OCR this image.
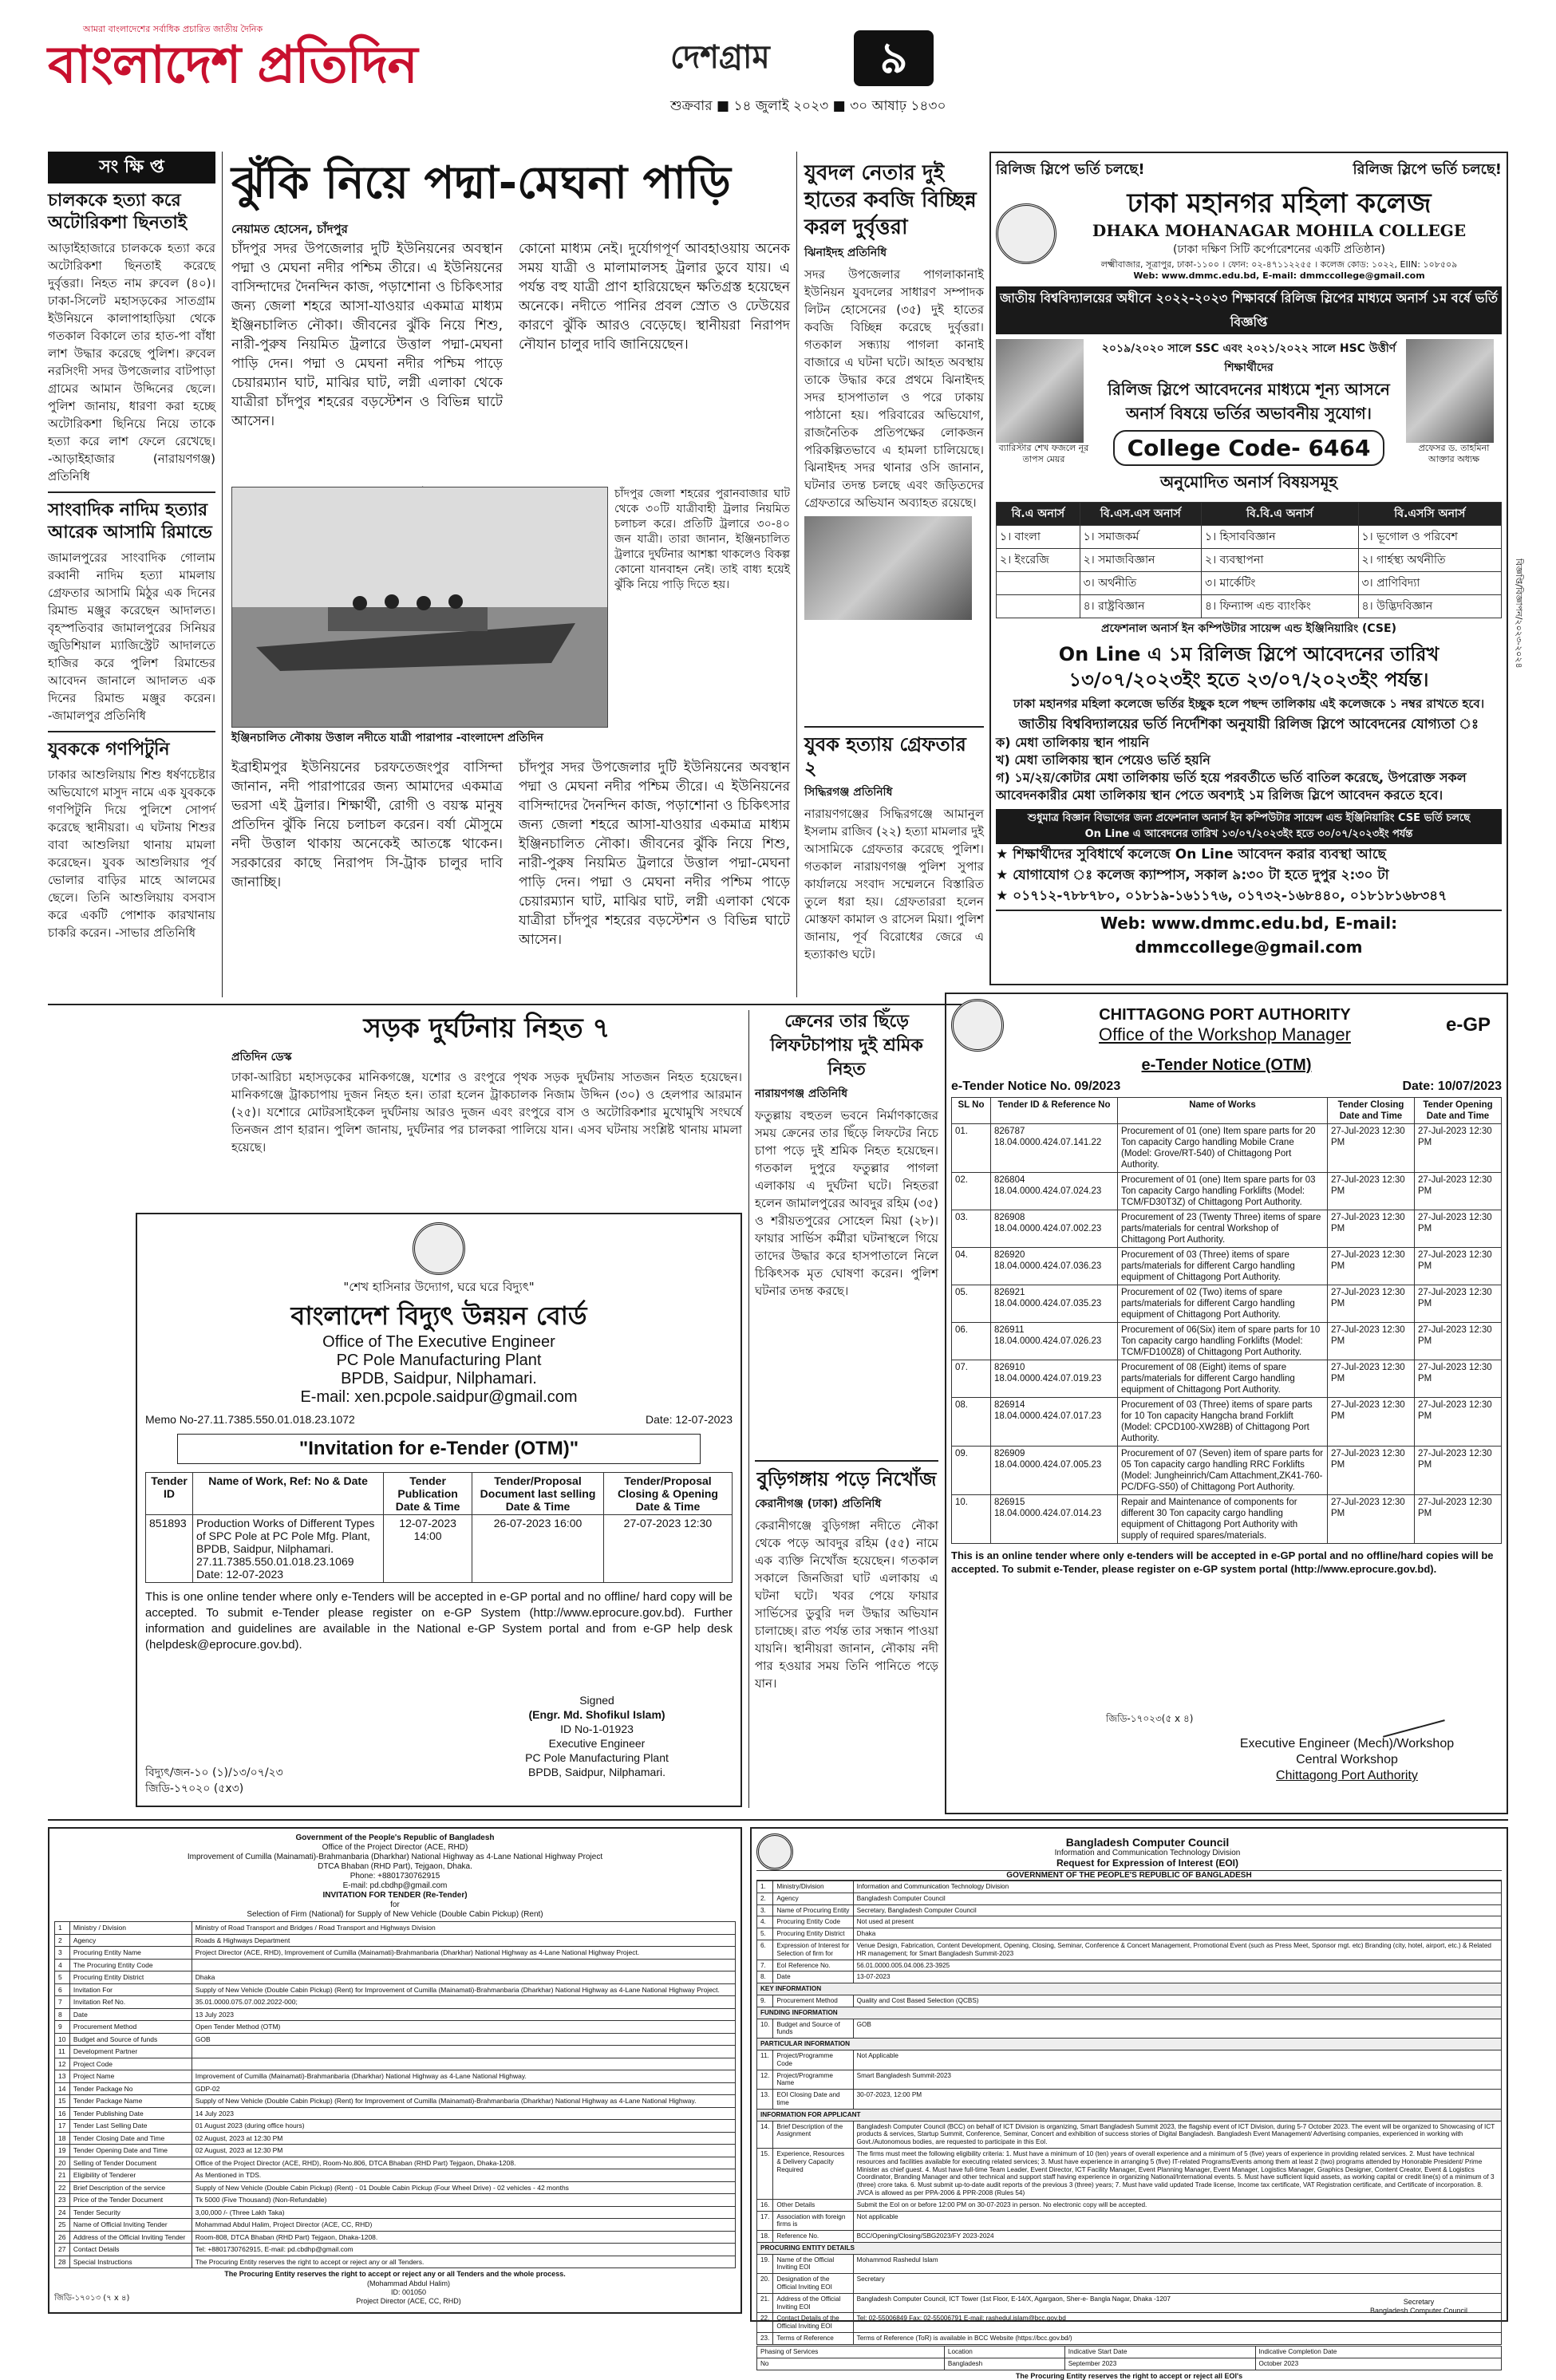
আমরা বাংলাদেশের সর্বাধিক প্রচারিত জাতীয় দৈনিক
বাংলাদেশ প্রতিদিন	দেশগ্রাম	৯
শুক্রবার ■ ১৪ জুলাই ২০২৩ ■ ৩০ আষাঢ় ১৪৩০
সং ক্ষি প্ত
চালককে হত্যা করে অটোরিকশা ছিনতাই

আড়াইহাজারে চালককে হত্যা করে অটোরিকশা ছিনতাই করেছে দুর্বৃত্তরা। নিহত নাম রুবেল (৪০)। ঢাকা-সিলেট মহাসড়কের সাতগ্রাম ইউনিয়নে কালাপাহাড়িয়া থেকে গতকাল বিকালে তার হাত-পা বাঁধা লাশ উদ্ধার করেছে পুলিশ। রুবেল নরসিংদী সদর উপজেলার বাটপাড়া গ্রামের আমান উদ্দিনের ছেলে। পুলিশ জানায়, ধারণা করা হচ্ছে অটোরিকশা ছিনিয়ে নিয়ে তাকে হত্যা করে লাশ ফেলে রেখেছে। -আড়াইহাজার (নারায়ণগঞ্জ) প্রতিনিধি

সাংবাদিক নাদিম হত্যার আরেক আসামি রিমান্ডে

জামালপুরের সাংবাদিক গোলাম রব্বানী নাদিম হত্যা মামলায় গ্রেফতার আসামি মিঠুর এক দিনের রিমান্ড মঞ্জুর করেছেন আদালত। বৃহস্পতিবার জামালপুরের সিনিয়র জুডিশিয়াল ম্যাজিস্ট্রেট আদালতে হাজির করে পুলিশ রিমান্ডের আবেদন জানালে আদালত এক দিনের রিমান্ড মঞ্জুর করেন। -জামালপুর প্রতিনিধি

যুবককে গণপিটুনি

ঢাকার আশুলিয়ায় শিশু ধর্ষণচেষ্টার অভিযোগে মাসুদ নামে এক যুবককে গণপিটুনি দিয়ে পুলিশে সোপর্দ করেছে স্থানীয়রা। এ ঘটনায় শিশুর বাবা আশুলিয়া থানায় মামলা করেছেন। যুবক আশুলিয়ার পূর্ব ভোলার বাড়ির মাহে আলমের ছেলে। তিনি আশুলিয়ায় বসবাস করে একটি পোশাক কারখানায় চাকরি করেন। -সাভার প্রতিনিধি

ঝুঁকি নিয়ে পদ্মা-মেঘনা পাড়ি
নেয়ামত হোসেন, চাঁদপুর

চাঁদপুর সদর উপজেলার দুটি ইউনিয়নের অবস্থান পদ্মা ও মেঘনা নদীর পশ্চিম তীরে। এ ইউনিয়নের বাসিন্দাদের দৈনন্দিন কাজ, পড়াশোনা ও চিকিৎসার জন্য জেলা শহরে আসা-যাওয়ার একমাত্র মাধ্যম ইঞ্জিনচালিত নৌকা। জীবনের ঝুঁকি নিয়ে শিশু, নারী-পুরুষ নিয়মিত ট্রলারে উত্তাল পদ্মা-মেঘনা পাড়ি দেন। পদ্মা ও মেঘনা নদীর পশ্চিম পাড়ে চেয়ারম্যান ঘাট, মাঝির ঘাট, লগ্নী এলাকা থেকে যাত্রীরা চাঁদপুর শহরের বড়স্টেশন ও বিভিন্ন ঘাটে আসেন।

কোনো মাধ্যম নেই। দুর্যোগপূর্ণ আবহাওয়ায় অনেক সময় যাত্রী ও মালামালসহ ট্রলার ডুবে যায়। এ পর্যন্ত বহু যাত্রী প্রাণ হারিয়েছেন ক্ষতিগ্রস্ত হয়েছেন অনেকে। নদীতে পানির প্রবল স্রোত ও ঢেউয়ের কারণে ঝুঁকি আরও বেড়েছে। স্থানীয়রা নিরাপদ নৌযান চালুর দাবি জানিয়েছেন।

ইঞ্জিনচালিত নৌকায় উত্তাল নদীতে যাত্রী পারাপার -বাংলাদেশ প্রতিদিন

চাঁদপুর জেলা শহরের পুরানবাজার ঘাট থেকে ৩০টি যাত্রীবাহী ট্রলার নিয়মিত চলাচল করে। প্রতিটি ট্রলারে ৩০-৪০ জন যাত্রী। তারা জানান, ইঞ্জিনচালিত ট্রলারে দুর্ঘটনার আশঙ্কা থাকলেও বিকল্প কোনো যানবাহন নেই। তাই বাধ্য হয়েই ঝুঁকি নিয়ে পাড়ি দিতে হয়।

ইব্রাহীমপুর ইউনিয়নের চরফতেজংপুর বাসিন্দা জানান, নদী পারাপারের জন্য আমাদের একমাত্র ভরসা এই ট্রলার। শিক্ষার্থী, রোগী ও বয়স্ক মানুষ প্রতিদিন ঝুঁকি নিয়ে চলাচল করেন। বর্ষা মৌসুমে নদী উত্তাল থাকায় অনেকেই আতঙ্কে থাকেন। সরকারের কাছে নিরাপদ সি-ট্রাক চালুর দাবি জানাচ্ছি।

চাঁদপুর সদর উপজেলার দুটি ইউনিয়নের অবস্থান পদ্মা ও মেঘনা নদীর পশ্চিম তীরে। এ ইউনিয়নের বাসিন্দাদের দৈনন্দিন কাজ, পড়াশোনা ও চিকিৎসার জন্য জেলা শহরে আসা-যাওয়ার একমাত্র মাধ্যম ইঞ্জিনচালিত নৌকা। জীবনের ঝুঁকি নিয়ে শিশু, নারী-পুরুষ নিয়মিত ট্রলারে উত্তাল পদ্মা-মেঘনা পাড়ি দেন। পদ্মা ও মেঘনা নদীর পশ্চিম পাড়ে চেয়ারম্যান ঘাট, মাঝির ঘাট, লগ্নী এলাকা থেকে যাত্রীরা চাঁদপুর শহরের বড়স্টেশন ও বিভিন্ন ঘাটে আসেন।

যুবদল নেতার দুই হাতের কবজি বিচ্ছিন্ন করল দুর্বৃত্তরা
ঝিনাইদহ প্রতিনিধি

সদর উপজেলার পাগলাকানাই ইউনিয়ন যুবদলের সাধারণ সম্পাদক লিটন হোসেনের (৩৫) দুই হাতের কবজি বিচ্ছিন্ন করেছে দুর্বৃত্তরা। গতকাল সন্ধ্যায় পাগলা কানাই বাজারে এ ঘটনা ঘটে। আহত অবস্থায় তাকে উদ্ধার করে প্রথমে ঝিনাইদহ সদর হাসপাতাল ও পরে ঢাকায় পাঠানো হয়। পরিবারের অভিযোগ, রাজনৈতিক প্রতিপক্ষের লোকজন পরিকল্পিতভাবে এ হামলা চালিয়েছে। ঝিনাইদহ সদর থানার ওসি জানান, ঘটনার তদন্ত চলছে এবং জড়িতদের গ্রেফতারে অভিযান অব্যাহত রয়েছে।

যুবক হত্যায় গ্রেফতার ২
সিদ্ধিরগঞ্জ প্রতিনিধি

নারায়ণগঞ্জের সিদ্ধিরগঞ্জে আমানুল ইসলাম রাজিব (২২) হত্যা মামলার দুই আসামিকে গ্রেফতার করেছে পুলিশ। গতকাল নারায়ণগঞ্জ পুলিশ সুপার কার্যালয়ে সংবাদ সম্মেলনে বিস্তারিত তুলে ধরা হয়। গ্রেফতাররা হলেন মোস্তফা কামাল ও রাসেল মিয়া। পুলিশ জানায়, পূর্ব বিরোধের জেরে এ হত্যাকাণ্ড ঘটে।

রিলিজ স্লিপে ভর্তি চলছে!	রিলিজ স্লিপে ভর্তি চলছে!
ঢাকা মহানগর মহিলা কলেজ
DHAKA MOHANAGAR MOHILA COLLEGE
(ঢাকা দক্ষিণ সিটি কর্পোরেশনের একটি প্রতিষ্ঠান)
লক্ষ্মীবাজার, সূত্রাপুর, ঢাকা-১১০০ । ফোন: ০২-৪৭১১২২৫৫ । কলেজ কোড: ১০২২, EIIN: ১০৮৫০৯
Web: www.dmmc.edu.bd, E-mail: dmmccollege@gmail.com
জাতীয় বিশ্ববিদ্যালয়ের অধীনে ২০২২-২০২৩ শিক্ষাবর্ষে রিলিজ স্লিপের মাধ্যমে অনার্স ১ম বর্ষে ভর্তি বিজ্ঞপ্তি
ব্যারিস্টার শেখ ফজলে নূর তাপস মেয়র
২০১৯/২০২০ সালে SSC এবং ২০২১/২০২২ সালে HSC উত্তীর্ণ শিক্ষার্থীদের
রিলিজ স্লিপে আবেদনের মাধ্যমে শূন্য আসনে
অনার্স বিষয়ে ভর্তির অভাবনীয় সুযোগ।
College Code- 6464
অনুমোদিত অনার্স বিষয়সমূহ
প্রফেসর ড. তাহমিনা আক্তার অধ্যক্ষ
বি.এ অনার্স	বি.এস.এস অনার্স	বি.বি.এ অনার্স	বি.এসসি অনার্স
১। বাংলা	১। সমাজকর্ম	১। হিসাববিজ্ঞান	১। ভূগোল ও পরিবেশ
২। ইংরেজি	২। সমাজবিজ্ঞান	২। ব্যবস্থাপনা	২। গার্হস্থ্য অর্থনীতি
	৩। অর্থনীতি	৩। মার্কেটিং	৩। প্রাণিবিদ্যা
	৪। রাষ্ট্রবিজ্ঞান	৪। ফিন্যান্স এন্ড ব্যাংকিং	৪। উদ্ভিদবিজ্ঞান
প্রফেশনাল অনার্স ইন কম্পিউটার সায়েন্স এন্ড ইঞ্জিনিয়ারিং (CSE)
On Line এ ১ম রিলিজ স্লিপে আবেদনের তারিখ
১৩/০৭/২০২৩ইং হতে ২৩/০৭/২০২৩ইং পর্যন্ত।
ঢাকা মহানগর মহিলা কলেজে ভর্তির ইচ্ছুক হলে পছন্দ তালিকায় এই কলেজকে ১ নম্বর রাখতে হবে।
জাতীয় বিশ্ববিদ্যালয়ের ভর্তি নির্দেশিকা অনুযায়ী রিলিজ স্লিপে আবেদনের যোগ্যতা ঃ
ক) মেধা তালিকায় স্থান পায়নি
খ) মেধা তালিকায় স্থান পেয়েও ভর্তি হয়নি
গ) ১ম/২য়/কোটার মেধা তালিকায় ভর্তি হয়ে পরবর্তীতে ভর্তি বাতিল করেছে, উপরোক্ত সকল আবেদনকারীর মেধা তালিকায় স্থান পেতে অবশ্যই ১ম রিলিজ স্লিপে আবেদন করতে হবে।
শুধুমাত্র বিজ্ঞান বিভাগের জন্য প্রফেশনাল অনার্স ইন কম্পিউটার সায়েন্স এন্ড ইঞ্জিনিয়ারিং CSE ভর্তি চলছে
On Line এ আবেদনের তারিখ ১৩/০৭/২০২৩ইং হতে ৩০/০৭/২০২৩ইং পর্যন্ত
★ শিক্ষার্থীদের সুবিধার্থে কলেজে On Line আবেদন করার ব্যবস্থা আছে
★ যোগাযোগ ঃ কলেজ ক্যাম্পাস, সকাল ৯:৩০ টা হতে দুপুর ২:৩০ টা
★ ০১৭১২-৭৮৮৭৮০, ০১৮১৯-১৬১১৭৬, ০১৭৩২-১৬৮৪৪০, ০১৮১৮১৬৮৩৪৭
Web: www.dmmc.edu.bd, E-mail: dmmccollege@gmail.com
বিজ্ঞপ্তি/বিজ্ঞাপন/২০২৩-২০২৪
সড়ক দুর্ঘটনায় নিহত ৭
প্রতিদিন ডেস্ক

ঢাকা-আরিচা মহাসড়কের মানিকগঞ্জে, যশোর ও রংপুরে পৃথক সড়ক দুর্ঘটনায় সাতজন নিহত হয়েছেন। মানিকগঞ্জে ট্রাকচাপায় দুজন নিহত হন। তারা হলেন ট্রাকচালক নিজাম উদ্দিন (৩০) ও হেলপার আরমান (২৫)। যশোরে মোটরসাইকেল দুর্ঘটনায় আরও দুজন এবং রংপুরে বাস ও অটোরিকশার মুখোমুখি সংঘর্ষে তিনজন প্রাণ হারান। পুলিশ জানায়, দুর্ঘটনার পর চালকরা পালিয়ে যান। এসব ঘটনায় সংশ্লিষ্ট থানায় মামলা হয়েছে।

ক্রেনের তার ছিঁড়ে লিফটচাপায় দুই শ্রমিক নিহত
নারায়ণগঞ্জ প্রতিনিধি

ফতুল্লায় বহুতল ভবনে নির্মাণকাজের সময় ক্রেনের তার ছিঁড়ে লিফটের নিচে চাপা পড়ে দুই শ্রমিক নিহত হয়েছেন। গতকাল দুপুরে ফতুল্লার পাগলা এলাকায় এ দুর্ঘটনা ঘটে। নিহতরা হলেন জামালপুরের আবদুর রহিম (৩৫) ও শরীয়তপুরের সোহেল মিয়া (২৮)। ফায়ার সার্ভিস কর্মীরা ঘটনাস্থলে গিয়ে তাদের উদ্ধার করে হাসপাতালে নিলে চিকিৎসক মৃত ঘোষণা করেন। পুলিশ ঘটনার তদন্ত করছে।

বুড়িগঙ্গায় পড়ে নিখোঁজ
কেরানীগঞ্জ (ঢাকা) প্রতিনিধি

কেরানীগঞ্জে বুড়িগঙ্গা নদীতে নৌকা থেকে পড়ে আবদুর রহিম (৫৫) নামে এক ব্যক্তি নিখোঁজ হয়েছেন। গতকাল সকালে জিনজিরা ঘাট এলাকায় এ ঘটনা ঘটে। খবর পেয়ে ফায়ার সার্ভিসের ডুবুরি দল উদ্ধার অভিযান চালাচ্ছে। রাত পর্যন্ত তার সন্ধান পাওয়া যায়নি। স্থানীয়রা জানান, নৌকায় নদী পার হওয়ার সময় তিনি পানিতে পড়ে যান।

"শেখ হাসিনার উদ্যোগ, ঘরে ঘরে বিদ্যুৎ"
বাংলাদেশ বিদ্যুৎ উন্নয়ন বোর্ড
Office of The Executive Engineer
PC Pole Manufacturing Plant
BPDB, Saidpur, Nilphamari.
E-mail: xen.pcpole.saidpur@gmail.com
Memo No-27.11.7385.550.01.018.23.1072	Date: 12-07-2023
"Invitation for e-Tender (OTM)"
Tender ID	Name of Work, Ref: No & Date	Tender Publication Date & Time	Tender/Proposal Document last selling Date & Time	Tender/Proposal Closing & Opening Date & Time
851893	Production Works of Different Types of SPC Pole at PC Pole Mfg. Plant, BPDB, Saidpur, Nilphamari. 27.11.7385.550.01.018.23.1069 Date: 12-07-2023	12-07-2023 14:00	26-07-2023 16:00	27-07-2023 12:30

This is one online tender where only e-Tenders will be accepted in e-GP portal and no offline/ hard copy will be accepted. To submit e-Tender please register on e-GP System (http://www.eprocure.gov.bd). Further information and guidelines are available in the National e-GP System portal and from e-GP help desk (helpdesk@eprocure.gov.bd).

Signed
(Engr. Md. Shofikul Islam)
ID No-1-01923
Executive Engineer
PC Pole Manufacturing Plant
BPDB, Saidpur, Nilphamari.
বিদ্যুৎ/জন-১০ (১)/১৩/০৭/২৩
জিডি-১৭০২০ (৫x৩)
CHITTAGONG PORT AUTHORITY
Office of the Workshop Manager	e-GP
e-Tender Notice (OTM)
e-Tender Notice No. 09/2023	Date: 10/07/2023
SL No	Tender ID & Reference No	Name of Works	Tender Closing Date and Time	Tender Opening Date and Time
01.	826787 18.04.0000.424.07.141.22	Procurement of 01 (one) Item spare parts for 20 Ton capacity Cargo handling Mobile Crane (Model: Grove/RT-540) of Chittagong Port Authority.	27-Jul-2023 12:30 PM	27-Jul-2023 12:30 PM
02.	826804 18.04.0000.424.07.024.23	Procurement of 01 (one) Item spare parts for 03 Ton capacity Cargo handling Forklifts (Model: TCM/FD30T3Z) of Chittagong Port Authority.	27-Jul-2023 12:30 PM	27-Jul-2023 12:30 PM
03.	826908 18.04.0000.424.07.002.23	Procurement of 23 (Twenty Three) items of spare parts/materials for central Workshop of Chittagong Port Authority.	27-Jul-2023 12:30 PM	27-Jul-2023 12:30 PM
04.	826920 18.04.0000.424.07.036.23	Procurement of 03 (Three) items of spare parts/materials for different Cargo handling equipment of Chittagong Port Authority.	27-Jul-2023 12:30 PM	27-Jul-2023 12:30 PM
05.	826921 18.04.0000.424.07.035.23	Procurement of 02 (Two) items of spare parts/materials for different Cargo handling equipment of Chittagong Port Authority.	27-Jul-2023 12:30 PM	27-Jul-2023 12:30 PM
06.	826911 18.04.0000.424.07.026.23	Procurement of 06(Six) item of spare parts for 10 Ton capacity cargo handling Forklifts (Model: TCM/FD100Z8) of Chittagong Port Authority.	27-Jul-2023 12:30 PM	27-Jul-2023 12:30 PM
07.	826910 18.04.0000.424.07.019.23	Procurement of 08 (Eight) items of spare parts/materials for different Cargo handling equipment of Chittagong Port Authority.	27-Jul-2023 12:30 PM	27-Jul-2023 12:30 PM
08.	826914 18.04.0000.424.07.017.23	Procurement of 03 (Three) items of spare parts for 10 Ton capacity Hangcha brand Forklift (Model: CPCD100-XW28B) of Chittagong Port Authority.	27-Jul-2023 12:30 PM	27-Jul-2023 12:30 PM
09.	826909 18.04.0000.424.07.005.23	Procurement of 07 (Seven) item of spare parts for 05 Ton capacity cargo handling RRC Forklifts (Model: Jungheinrich/Cam Attachment,ZK41-760-PC/DFG-S50) of Chittagong Port Authority.	27-Jul-2023 12:30 PM	27-Jul-2023 12:30 PM
10.	826915 18.04.0000.424.07.014.23	Repair and Maintenance of components for different 30 Ton capacity cargo handling equipment of Chittagong Port Authority with supply of required spares/materials.	27-Jul-2023 12:30 PM	27-Jul-2023 12:30 PM

This is an online tender where only e-tenders will be accepted in e-GP portal and no offline/hard copies will be accepted. To submit e-Tender, please register on e-GP system portal (http://www.eprocure.gov.bd).

Executive Engineer (Mech)/Workshop
Central Workshop
Chittagong Port Authority
জিডি-১৭০২৩(৫ x ৪)
Government of the People's Republic of Bangladesh
Office of the Project Director (ACE, RHD)
Improvement of Cumilla (Mainamati)-Brahmanbaria (Dharkhar) National Highway as 4-Lane National Highway Project
DTCA Bhaban (RHD Part), Tejgaon, Dhaka.
Phone: +8801730762915
E-mail: pd.cbdhp@gmail.com
INVITATION FOR TENDER (Re-Tender)
for
Selection of Firm (National) for Supply of New Vehicle (Double Cabin Pickup) (Rent)
1	Ministry / Division	Ministry of Road Transport and Bridges / Road Transport and Highways Division
2	Agency	Roads & Highways Department
3	Procuring Entity Name	Project Director (ACE, RHD), Improvement of Cumilla (Mainamati)-Brahmanbaria (Dharkhar) National Highway as 4-Lane National Highway Project.
4	The Procuring Entity Code	
5	Procuring Entity District	Dhaka
6	Invitation For	Supply of New Vehicle (Double Cabin Pickup) (Rent) for Improvement of Cumilla (Mainamati)-Brahmanbaria (Dharkhar) National Highway as 4-Lane National Highway Project.
7	Invitation Ref No.	35.01.0000.075.07.002.2022-000;
8	Date	13 July 2023
9	Procurement Method	Open Tender Method (OTM)
10	Budget and Source of funds	GOB
11	Development Partner	
12	Project Code	
13	Project Name	Improvement of Cumilla (Mainamati)-Brahmanbaria (Dharkhar) National Highway as 4-Lane National Highway.
14	Tender Package No	GDP-02
15	Tender Package Name	Supply of New Vehicle (Double Cabin Pickup) (Rent) for Improvement of Cumilla (Mainamati)-Brahmanbaria (Dharkhar) National Highway as 4-Lane National Highway.
16	Tender Publishing Date	14 July 2023
17	Tender Last Selling Date	01 August 2023 (during office hours)
18	Tender Closing Date and Time	02 August, 2023 at 12:30 PM
19	Tender Opening Date and Time	02 August, 2023 at 12:30 PM
20	Selling of Tender Document	Office of the Project Director (ACE, RHD), Room-No.806, DTCA Bhaban (RHD Part) Tejgaon, Dhaka-1208.
21	Eligibility of Tenderer	As Mentioned in TDS.
22	Brief Description of the service	Supply of New Vehicle (Double Cabin Pickup) (Rent) - 01 Double Cabin Pickup (Four Wheel Drive) - 02 vehicles - 42 months
23	Price of the Tender Document	Tk 5000 (Five Thousand) (Non-Refundable)
24	Tender Security	3,00,000 /- (Three Lakh Taka)
25	Name of Official Inviting Tender	Mohammad Abdul Halim, Project Director (ACE, CC, RHD)
26	Address of the Official Inviting Tender	Room-808, DTCA Bhaban (RHD Part) Tejgaon, Dhaka-1208.
27	Contact Details	Tel: +8801730762915, E-mail: pd.cbdhp@gmail.com
28	Special Instructions	The Procuring Entity reserves the right to accept or reject any or all Tenders.
The Procuring Entity reserves the right to accept or reject any or all Tenders and the whole process.
(Mohammad Abdul Halim)
ID: 001050
Project Director (ACE, CC, RHD)
জিডি-১৭০১৩ (৭ x ৪)
Bangladesh Computer Council
Information and Communication Technology Division
Request for Expression of Interest (EOI)
GOVERNMENT OF THE PEOPLE'S REPUBLIC OF BANGLADESH
1.	Ministry/Division	Information and Communication Technology Division
2.	Agency	Bangladesh Computer Council
3.	Name of Procuring Entity	Secretary, Bangladesh Computer Council
4.	Procuring Entity Code	Not used at present
5.	Procuring Entity District	Dhaka
6.	Expression of Interest for Selection of firm for	Venue Design, Fabrication, Content Development, Opening, Closing, Seminar, Conference & Concert Management, Promotional Event (such as Press Meet, Sponsor mgt. etc) Branding (city, hotel, airport, etc.) & Related HR management; for Smart Bangladesh Summit-2023
7.	EoI Reference No.	56.01.0000.005.04.006.23-3925
8.	Date	13-07-2023
KEY INFORMATION		
9.	Procurement Method	Quality and Cost Based Selection (QCBS)
FUNDING INFORMATION		
10.	Budget and Source of funds	GOB
PARTICULAR INFORMATION		
11.	Project/Programme Code	Not Applicable
12.	Project/Programme Name	Smart Bangladesh Summit-2023
13.	EOI Closing Date and time	30-07-2023, 12:00 PM
INFORMATION FOR APPLICANT		
14.	Brief Description of the Assignment	Bangladesh Computer Council (BCC) on behalf of ICT Division is organizing, Smart Bangladesh Summit 2023, the flagship event of ICT Division, during 5-7 October 2023. The event will be organized to Showcasing of ICT products & services, Startup Summit, Conference, Seminar, Concert and exhibition of success stories of Digital Bangladesh. Bangladesh Event Management/ Advertising companies, experienced in working with Govt./Autonomous bodies, are requested to participate in this EoI.
15.	Experience, Resources & Delivery Capacity Required	The firms must meet the following eligibility criteria: 1. Must have a minimum of 10 (ten) years of overall experience and a minimum of 5 (five) years of experience in providing related services. 2. Must have technical resources and facilities available for executing related services; 3. Must have experience in arranging 5 (five) IT-related Programs/Events among them at least 2 (two) programs attended by Honorable President/ Prime Minister as chief guest. 4. Must have full-time Team Leader, Event Director, ICT Facility Manager, Event Planning Manager, Event Manager, Logistics Manager, Graphics Designer, Content Creator, Event & Logistics Coordinator, Branding Manager and other technical and support staff having experience in organizing National/International events. 5. Must have sufficient liquid assets, as working capital or credit line(s) of a minimum of 3 (three) crore taka. 6. Must submit up-to-date audit reports of the previous 3 (three) years; 7. Must have valid updated Trade license, Income tax certificate, VAT Registration certificate, and Certificate of incorporation. 8. JVCA is allowed as per PPA-2006 & PPR-2008 (Rules 54)
16.	Other Details	Submit the EoI on or before 12:00 PM on 30-07-2023 in person. No electronic copy will be accepted.
17.	Association with foreign firms is	Not applicable
18.	Reference No.	BCC/Opening/Closing/SBG2023/FY 2023-2024
PROCURING ENTITY DETAILS		
19.	Name of the Official Inviting EOI	Mohammod Rashedul Islam
20.	Designation of the Official Inviting EOI	Secretary
21.	Address of the Official Inviting EOI	Bangladesh Computer Council, ICT Tower (1st Floor, E-14/X, Agargaon, Sher-e- Bangla Nagar, Dhaka -1207
22.	Contact Details of the Official Inviting EOI	Tel: 02-55006849 Fax: 02-55006791 E-mail: rashedul.islam@bcc.gov.bd
23.	Terms of Reference	Terms of Reference (ToR) is available in BCC Website (https://bcc.gov.bd/)
Phasing of Services	Location	Indicative Start Date	Indicative Completion Date
No	Bangladesh	September 2023	October 2023
The Procuring Entity reserves the right to accept or reject all EOI's
Secretary
Bangladesh Computer Council
